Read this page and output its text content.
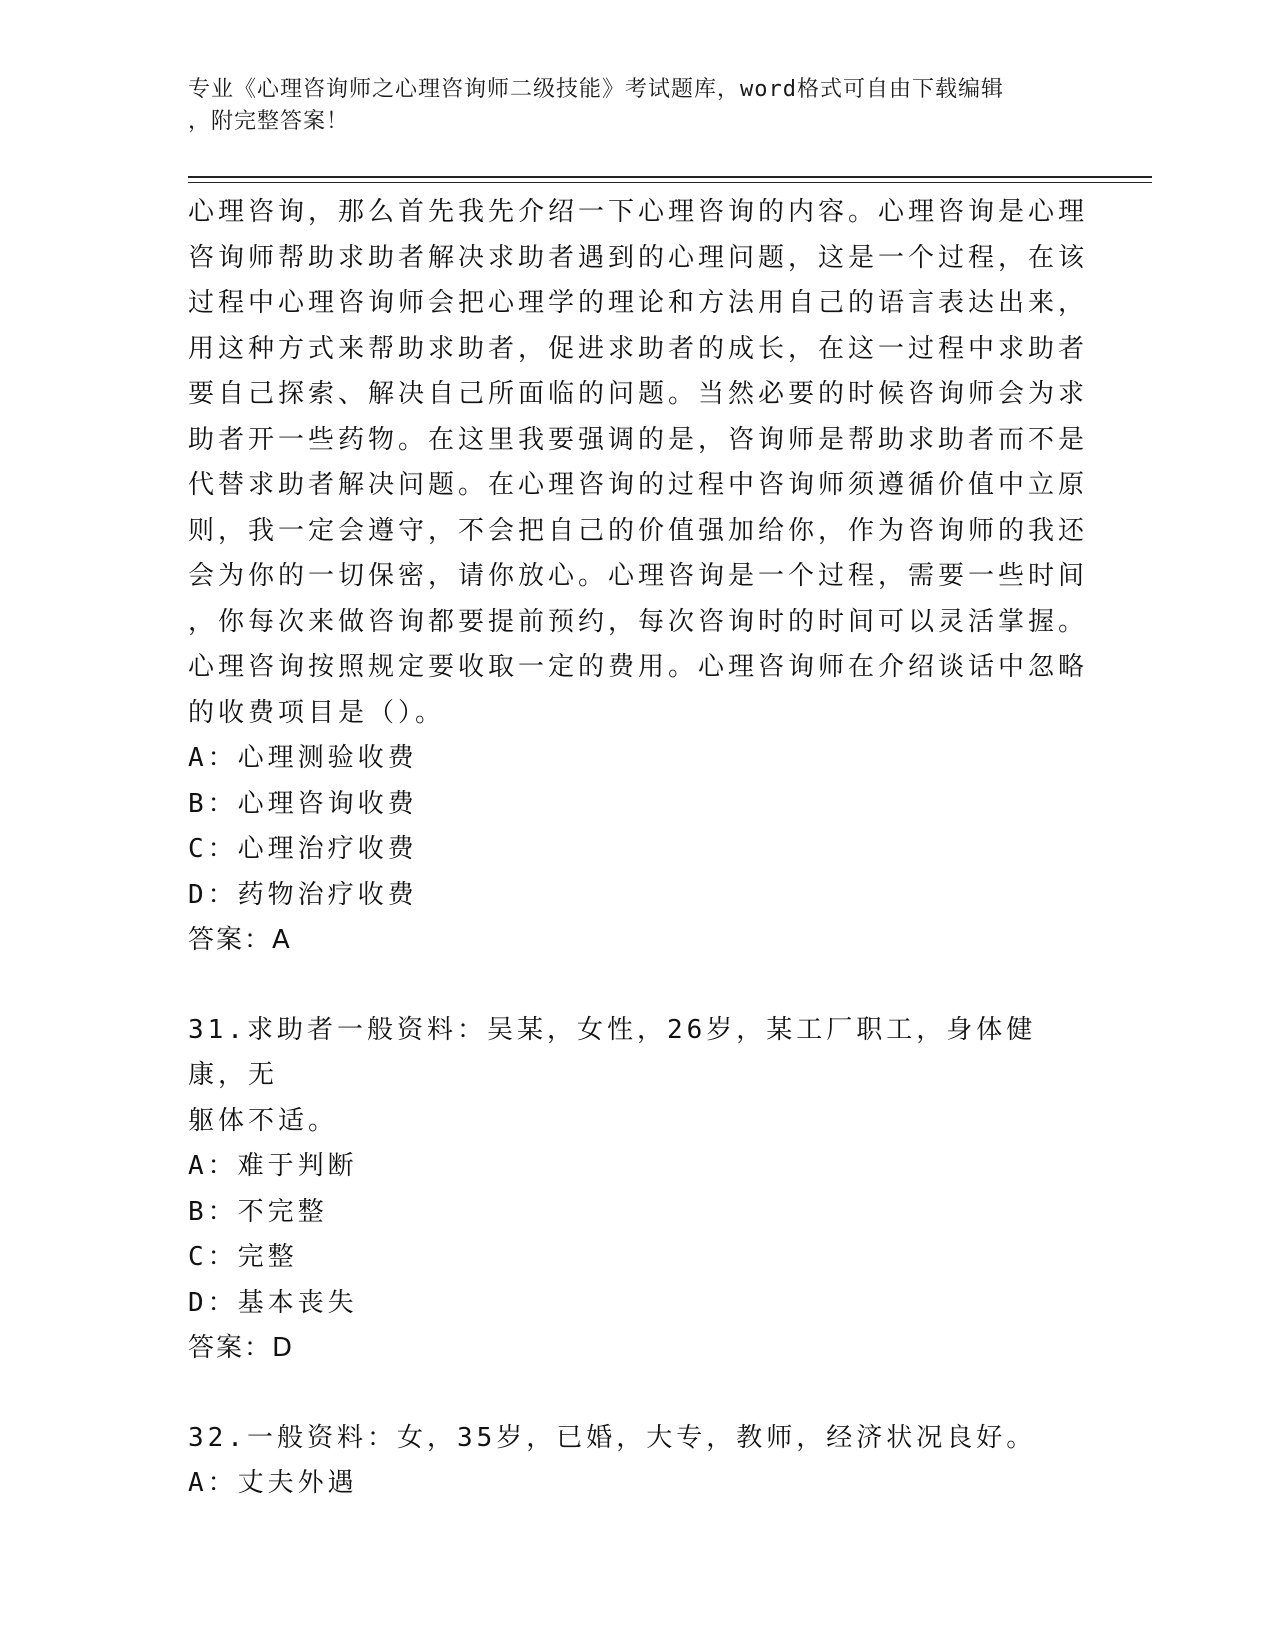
专业《心理咨询师之心理咨询师二级技能》考试题库，word格式可自由下载编辑
，附完整答案！

心理咨询，那么首先我先介绍一下心理咨询的内容。心理咨询是心理

咨询师帮助求助者解决求助者遇到的心理问题，这是一个过程，在该

过程中心理咨询师会把心理学的理论和方法用自己的语言表达出来，

用这种方式来帮助求助者，促进求助者的成长，在这一过程中求助者

要自己探索、解决自己所面临的问题。当然必要的时候咨询师会为求

助者开一些药物。在这里我要强调的是，咨询师是帮助求助者而不是

代替求助者解决问题。在心理咨询的过程中咨询师须遵循价值中立原

则，我一定会遵守，不会把自己的价值强加给你，作为咨询师的我还

会为你的一切保密，请你放心。心理咨询是一个过程，需要一些时间

，你每次来做咨询都要提前预约，每次咨询时的时间可以灵活掌握。

心理咨询按照规定要收取一定的费用。心理咨询师在介绍谈话中忽略

的收费项目是（）。

A：心理测验收费

B：心理咨询收费

C：心理治疗收费

D：药物治疗收费

答案：A

31.求助者一般资料：吴某，女性，26岁，某工厂职工，身体健康，无

躯体不适。

A：难于判断

B：不完整

C：完整

D：基本丧失

答案：D

32.一般资料：女，35岁，已婚，大专，教师，经济状况良好。

A：丈夫外遇
